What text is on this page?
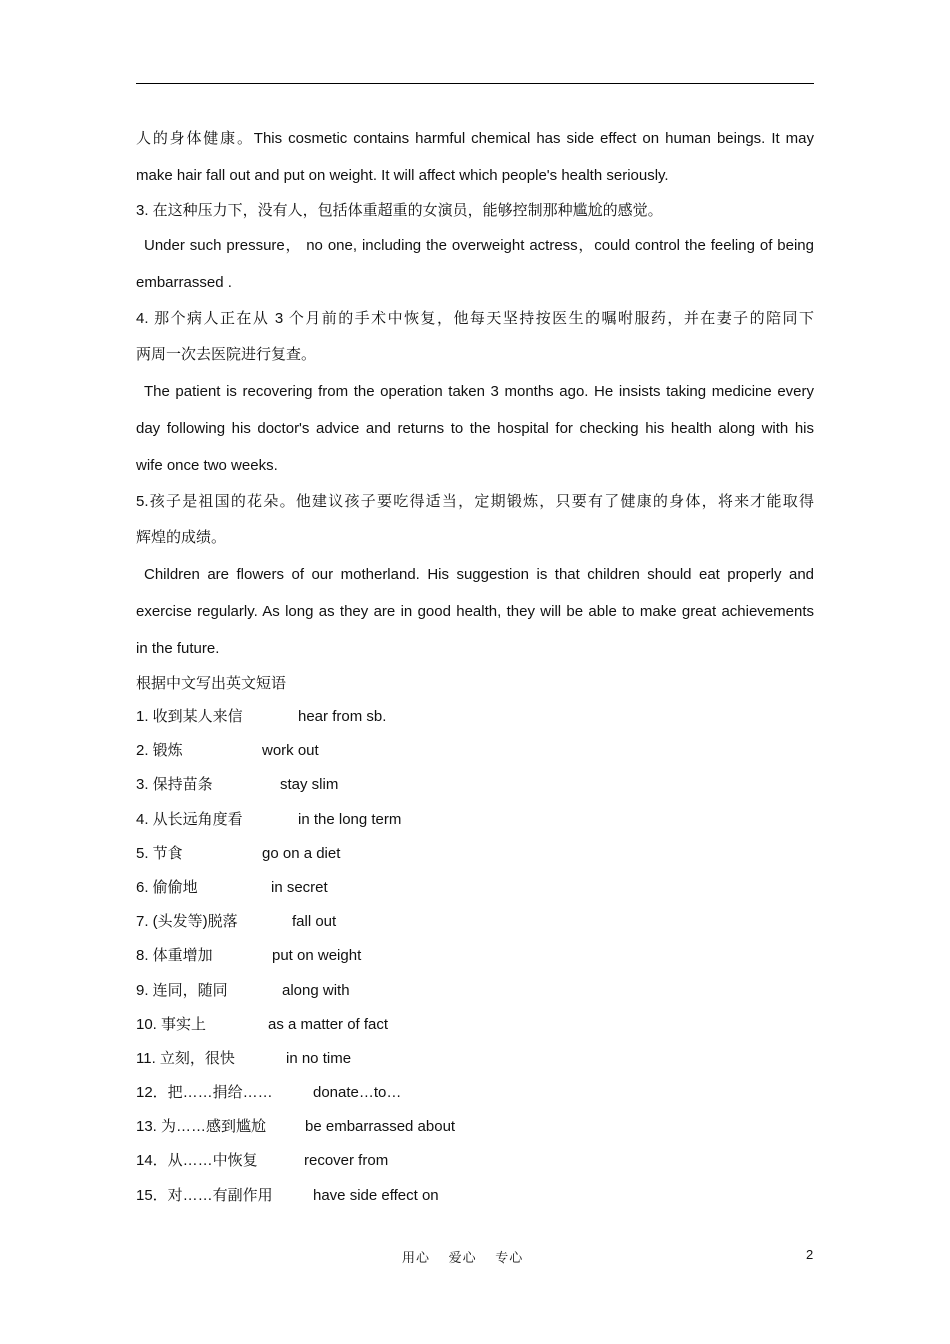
人的身体健康。This cosmetic contains harmful chemical has side effect on human beings. It may
make hair fall out and put on weight. It will affect which people's health seriously.
3. 在这种压力下，没有人，包括体重超重的女演员，能够控制那种尴尬的感觉。
Under such pressure， no one, including the overweight actress，could control the feeling of being
embarrassed .
4. 那个病人正在从 3 个月前的手术中恢复，他每天坚持按医生的嘱咐服药，并在妻子的陪同下
两周一次去医院进行复查。
The patient is recovering from the operation taken 3 months ago. He insists taking medicine every
day following his doctor's advice and returns to the hospital for checking his health along with his
wife once two weeks.
5.孩子是祖国的花朵。他建议孩子要吃得适当，定期锻炼，只要有了健康的身体，将来才能取得
辉煌的成绩。
Children are flowers of our motherland. His suggestion is that children should eat properly and
exercise regularly. As long as they are in good health, they will be able to make great achievements
in the future.
根据中文写出英文短语
1. 收到某人来信	hear from sb.
2. 锻炼	work out
3. 保持苗条	stay slim
4. 从长远角度看	in the long term
5. 节食	go on a diet
6. 偷偷地	in secret
7. (头发等)脱落	fall out
8. 体重增加	put on weight
9. 连同，随同	along with
10. 事实上	as a matter of fact
11. 立刻，很快	in no time
12．把……捐给……	donate…to…
13. 为……感到尴尬	be embarrassed about
14．从……中恢复	recover from
15．对……有副作用	have side effect on
用心 爱心 专心	2
